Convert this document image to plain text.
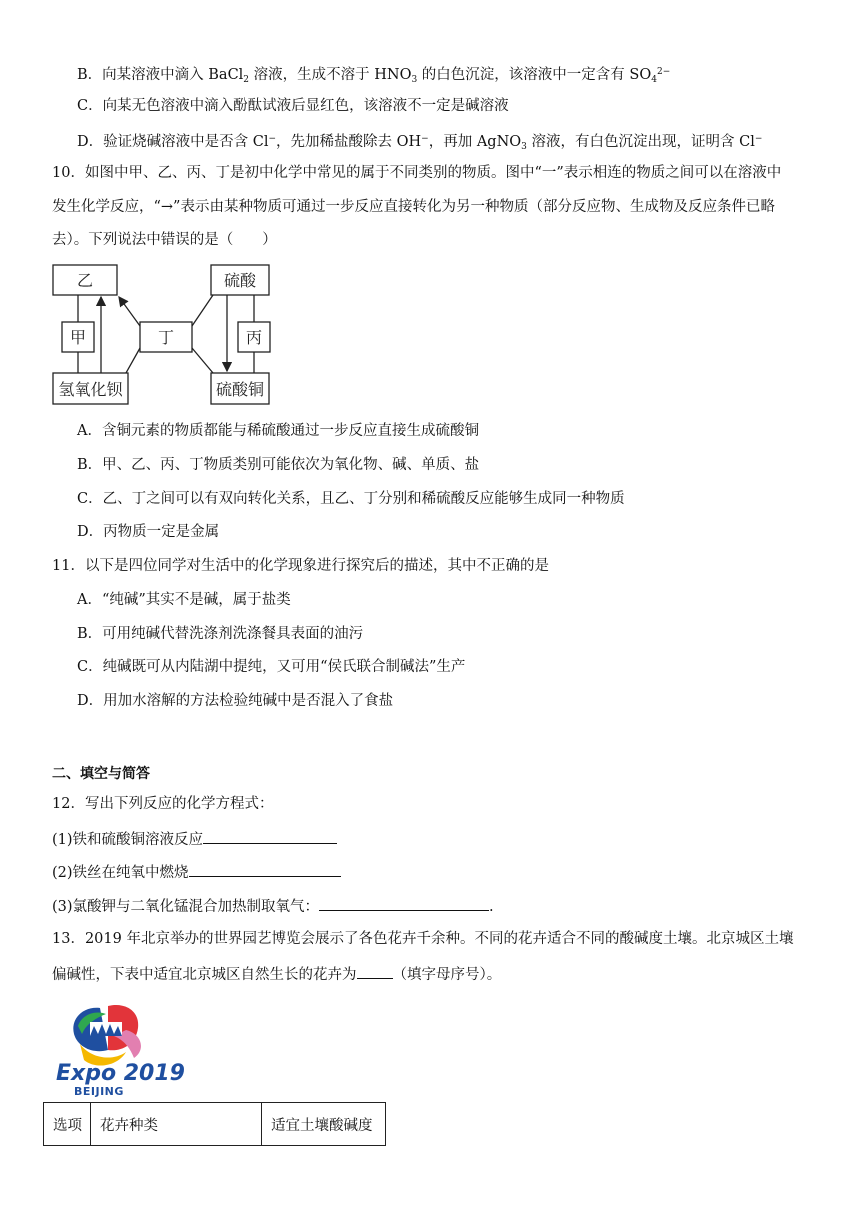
B．向某溶液中滴入 BaCl$_2$ 溶液，生成不溶于 $HNO_3$ 的白色沉淀，该溶液中一定含有 $SO_4^{2-}$
C．向某无色溶液中滴入酚酞试液后显红色，该溶液不一定是碱溶液
D．验证烧碱溶液中是否含 Cl−，先加稀盐酸除去 OH−，再加 AgNO$_3$ 溶液，有白色沉淀出现，证明含 Cl−
10．如图中甲、乙、丙、丁是初中化学中常见的属于不同类别的物质。图中“一”表示相连的物质之间可以在溶液中
发生化学反应，“→”表示由某种物质可通过一步反应直接转化为另一种物质（部分反应物、生成物及反应条件已略
去）。下列说法中错误的是（　　）
乙
甲
氢氧化钡
丁
硫酸
丙
硫酸铜
A．含铜元素的物质都能与稀硫酸通过一步反应直接生成硫酸铜
B．甲、乙、丙、丁物质类别可能依次为氧化物、碱、单质、盐
C．乙、丁之间可以有双向转化关系，且乙、丁分别和稀硫酸反应能够生成同一种物质
D．丙物质一定是金属
11．以下是四位同学对生活中的化学现象进行探究后的描述，其中不正确的是
A．“纯碱”其实不是碱，属于盐类
B．可用纯碱代替洗涤剂洗涤餐具表面的油污
C．纯碱既可从内陆湖中提纯，又可用“侯氏联合制碱法”生产
D．用加水溶解的方法检验纯碱中是否混入了食盐
二、填空与简答
12．写出下列反应的化学方程式：
(1)铁和硫酸铜溶液反应
(2)铁丝在纯氧中燃烧
(3)氯酸钾与二氧化锰混合加热制取氧气：	.
13．2019 年北京举办的世界园艺博览会展示了各色花卉千余种。不同的花卉适合不同的酸碱度土壤。北京城区土壤
偏碱性，下表中适宜北京城区自然生长的花卉为 （填字母序号）。
Expo 2019
BEIJING
选项	花卉种类	适宜土壤酸碱度
